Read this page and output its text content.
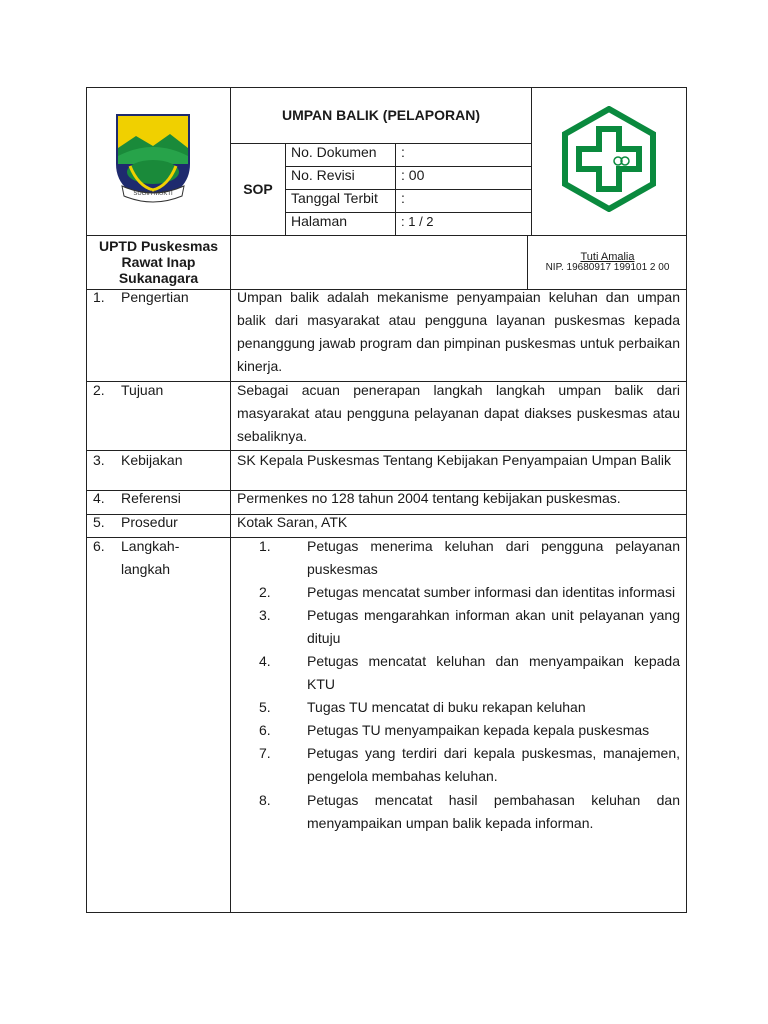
SUGIH MUKTI
UMPAN BALIK (PELAPORAN)
SOP
No. Dokumen :
No. Revisi	: 00
Tanggal Terbit :
Halaman	: 1 / 2
UPTD Puskesmas
Rawat Inap
Sukanagara
Tuti Amalia
NIP. 19680917 199101 2 00
1. Pengertian	Umpan balik adalah mekanisme penyampaian keluhan dan umpan balik dari masyarakat atau pengguna layanan puskesmas kepada penanggung jawab program dan pimpinan puskesmas untuk perbaikan kinerja.
2. Tujuan	Sebagai acuan penerapan langkah langkah umpan balik dari masyarakat atau pengguna pelayanan dapat diakses puskesmas atau sebaliknya.
3. Kebijakan	SK Kepala Puskesmas Tentang Kebijakan Penyampaian Umpan Balik
4. Referensi	Permenkes no 128 tahun 2004 tentang kebijakan puskesmas.
5. Prosedur	Kotak Saran, ATK
6. Langkah-
langkah
1.	Petugas menerima keluhan dari pengguna pelayanan puskesmas
2.	Petugas mencatat sumber informasi dan identitas informasi
3.	Petugas mengarahkan informan akan unit pelayanan yang dituju
4.	Petugas mencatat keluhan dan menyampaikan kepada KTU
5.	Tugas TU mencatat di buku rekapan keluhan
6.	Petugas TU menyampaikan kepada kepala puskesmas
7.	Petugas yang terdiri dari kepala puskesmas, manajemen, pengelola membahas keluhan.
8.	Petugas mencatat hasil pembahasan keluhan dan menyampaikan umpan balik kepada informan.
